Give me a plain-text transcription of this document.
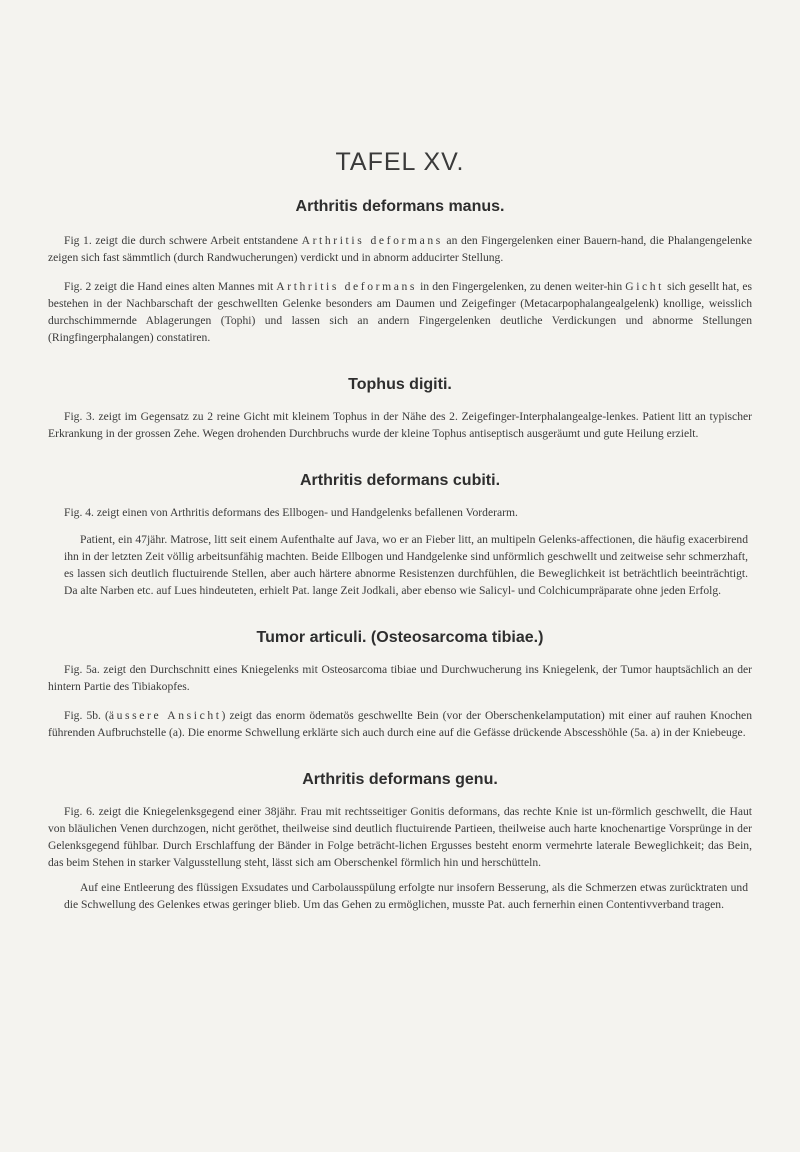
TAFEL XV.
Arthritis deformans manus.

Fig 1. zeigt die durch schwere Arbeit entstandene Arthritis deformans an den Fingergelenken einer Bauern-hand, die Phalangengelenke zeigen sich fast sämmtlich (durch Randwucherungen) verdickt und in abnorm adducirter Stellung.

Fig. 2 zeigt die Hand eines alten Mannes mit Arthritis deformans in den Fingergelenken, zu denen weiter-hin Gicht sich gesellt hat, es bestehen in der Nachbarschaft der geschwellten Gelenke besonders am Daumen und Zeigefinger (Metacarpophalangealgelenk) knollige, weisslich durchschimmernde Ablagerungen (Tophi) und lassen sich an andern Fingergelenken deutliche Verdickungen und abnorme Stellungen (Ringfingerphalangen) constatiren.

Tophus digiti.

Fig. 3. zeigt im Gegensatz zu 2 reine Gicht mit kleinem Tophus in der Nähe des 2. Zeigefinger-Interphalangealge-lenkes. Patient litt an typischer Erkrankung in der grossen Zehe. Wegen drohenden Durchbruchs wurde der kleine Tophus antiseptisch ausgeräumt und gute Heilung erzielt.

Arthritis deformans cubiti.

Fig. 4. zeigt einen von Arthritis deformans des Ellbogen- und Handgelenks befallenen Vorderarm.

Patient, ein 47jähr. Matrose, litt seit einem Aufenthalte auf Java, wo er an Fieber litt, an multipeln Gelenks-affectionen, die häufig exacerbirend ihn in der letzten Zeit völlig arbeitsunfähig machten. Beide Ellbogen und Handgelenke sind unförmlich geschwellt und zeitweise sehr schmerzhaft, es lassen sich deutlich fluctuirende Stellen, aber auch härtere abnorme Resistenzen durchfühlen, die Beweglichkeit ist beträchtlich beeinträchtigt. Da alte Narben etc. auf Lues hindeuteten, erhielt Pat. lange Zeit Jodkali, aber ebenso wie Salicyl- und Colchicumpräparate ohne jeden Erfolg.

Tumor articuli. (Osteosarcoma tibiae.)

Fig. 5a. zeigt den Durchschnitt eines Kniegelenks mit Osteosarcoma tibiae und Durchwucherung ins Kniegelenk, der Tumor hauptsächlich an der hintern Partie des Tibiakopfes.

Fig. 5b. (äussere Ansicht) zeigt das enorm ödematös geschwellte Bein (vor der Oberschenkelamputation) mit einer auf rauhen Knochen führenden Aufbruchstelle (a). Die enorme Schwellung erklärte sich auch durch eine auf die Gefässe drückende Abscesshöhle (5a. a) in der Kniebeuge.

Arthritis deformans genu.

Fig. 6. zeigt die Kniegelenksgegend einer 38jähr. Frau mit rechtsseitiger Gonitis deformans, das rechte Knie ist un-förmlich geschwellt, die Haut von bläulichen Venen durchzogen, nicht geröthet, theilweise sind deutlich fluctuirende Partieen, theilweise auch harte knochenartige Vorsprünge in der Gelenksgegend fühlbar. Durch Erschlaffung der Bänder in Folge beträcht-lichen Ergusses besteht enorm vermehrte laterale Beweglichkeit; das Bein, das beim Stehen in starker Valgusstellung steht, lässt sich am Oberschenkel förmlich hin und herschütteln.

Auf eine Entleerung des flüssigen Exsudates und Carbolausspülung erfolgte nur insofern Besserung, als die Schmerzen etwas zurücktraten und die Schwellung des Gelenkes etwas geringer blieb. Um das Gehen zu ermöglichen, musste Pat. auch fernerhin einen Contentivverband tragen.
